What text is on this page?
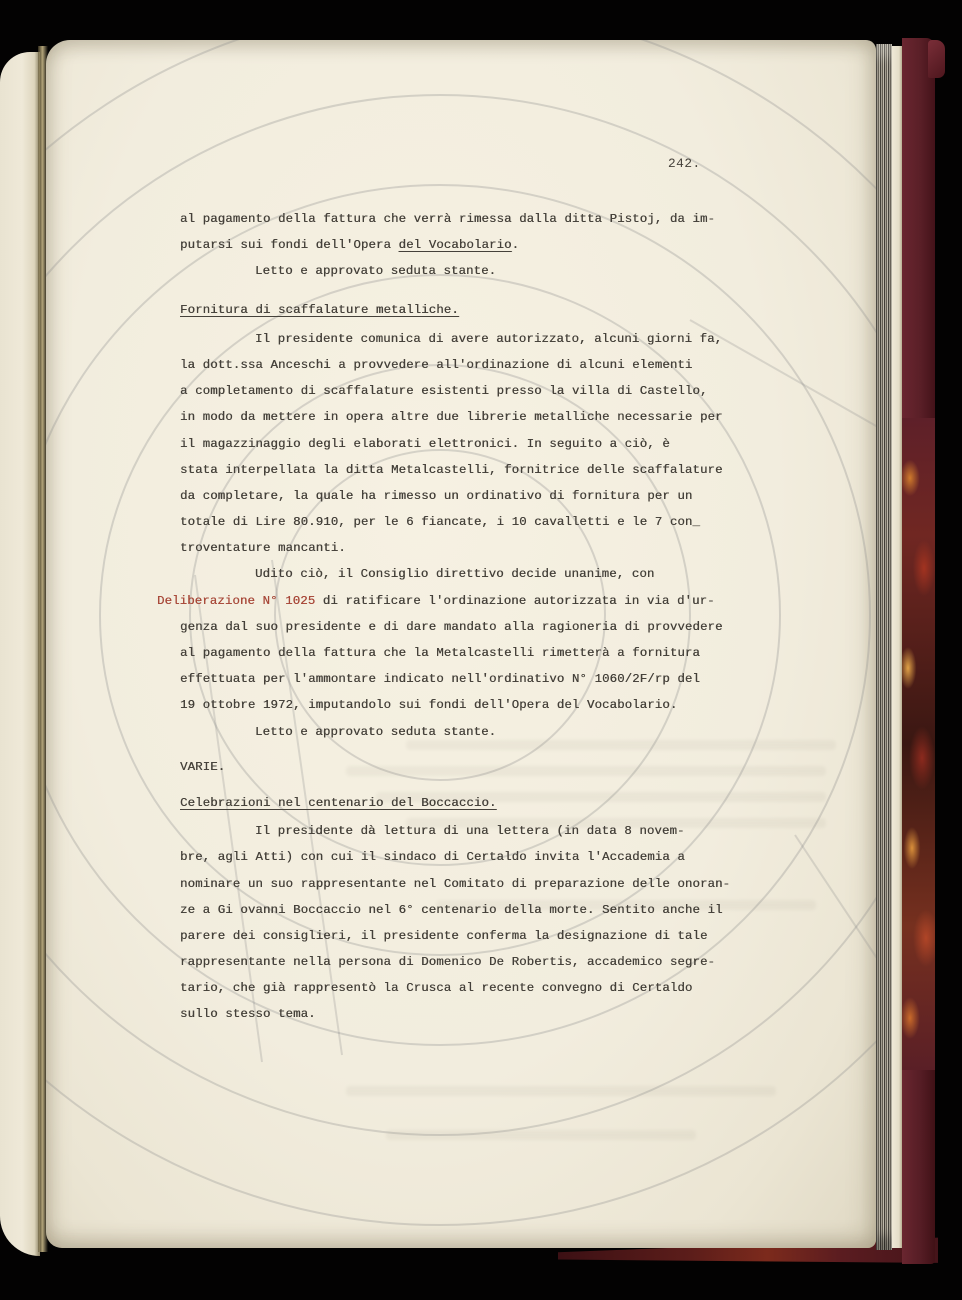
242.
al pagamento della fattura che verrà rimessa dalla ditta Pistoj, da im-
putarsi sui fondi dell'Opera del Vocabolario.
Letto e approvato seduta stante.
Fornitura di scaffalature metalliche.
Il presidente comunica di avere autorizzato, alcuni giorni fa,
la dott.ssa Anceschi a provvedere all'ordinazione di alcuni elementi
a completamento di scaffalature esistenti presso la villa di Castello,
in modo da mettere in opera altre due librerie metalliche necessarie per
il magazzinaggio degli elaborati elettronici. In seguito a ciò, è
stata interpellata la ditta Metalcastelli, fornitrice delle scaffalature
da completare, la quale ha rimesso un ordinativo di fornitura per un
totale di Lire 80.910, per le 6 fiancate, i 10 cavalletti e le 7 con_
troventature mancanti.
Udito ciò, il Consiglio direttivo decide unanime, con
Deliberazione N° 1025 di ratificare l'ordinazione autorizzata in via d'ur-
genza dal suo presidente e di dare mandato alla ragioneria di provvedere
al pagamento della fattura che la Metalcastelli rimetterà a fornitura
effettuata per l'ammontare indicato nell'ordinativo N° 1060/2F/rp del
19 ottobre 1972, imputandolo sui fondi dell'Opera del Vocabolario.
Letto e approvato seduta stante.
VARIE.
Celebrazioni nel centenario del Boccaccio.
Il presidente dà lettura di una lettera (in data 8 novem-
bre, agli Atti) con cui il sindaco di Certaldo invita l'Accademia a
nominare un suo rappresentante nel Comitato di preparazione delle onoran-
ze a Gi ovanni Boccaccio nel 6° centenario della morte. Sentito anche il
parere dei consiglieri, il presidente conferma la designazione di tale
rappresentante nella persona di Domenico De Robertis, accademico segre-
tario, che già rappresentò la Crusca al recente convegno di Certaldo
sullo stesso tema.
